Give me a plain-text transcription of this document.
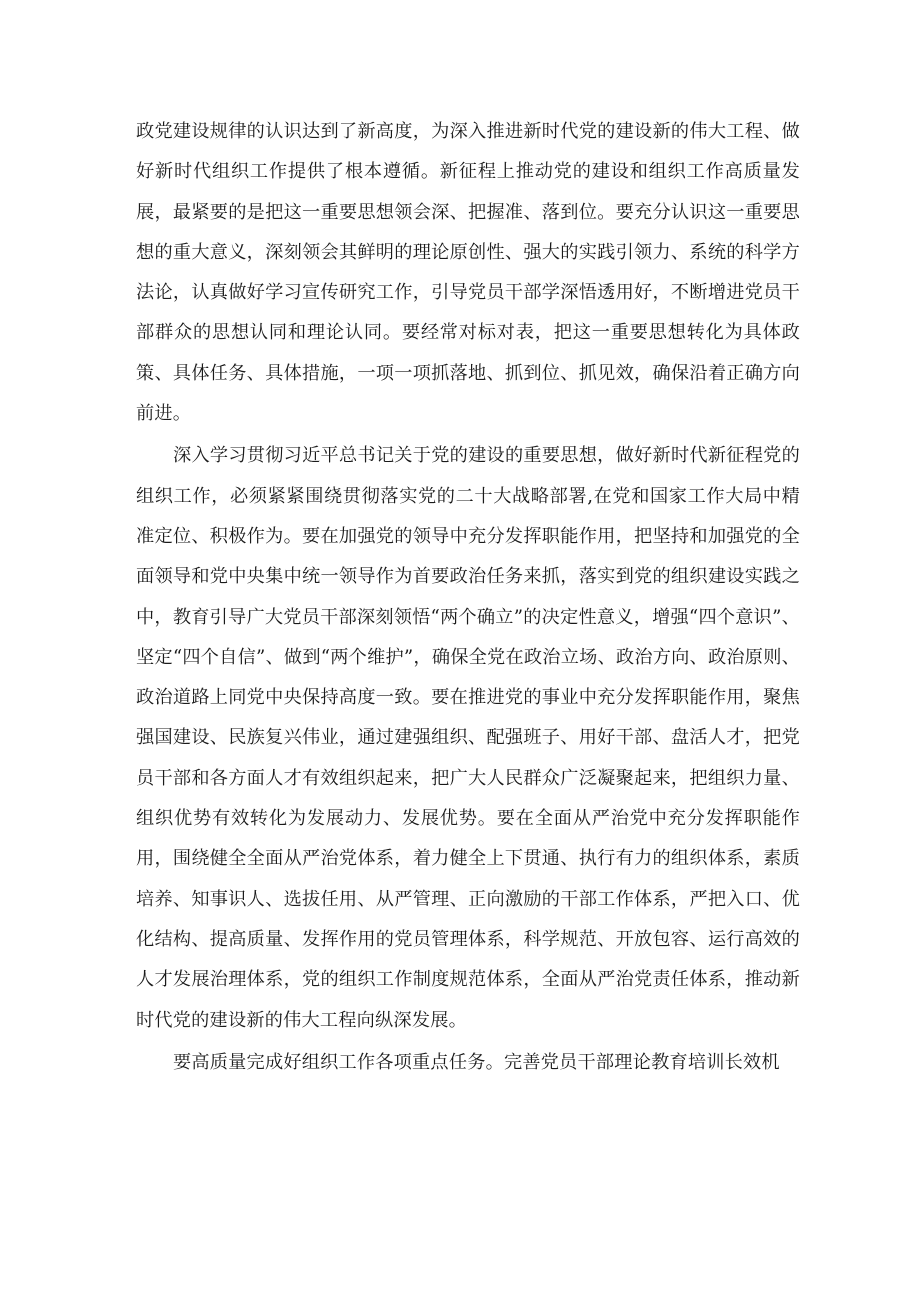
政党建设规律的认识达到了新高度，为深入推进新时代党的建设新的伟大工程、做好新时代组织工作提供了根本遵循。新征程上推动党的建设和组织工作高质量发展，最紧要的是把这一重要思想领会深、把握准、落到位。要充分认识这一重要思想的重大意义，深刻领会其鲜明的理论原创性、强大的实践引领力、系统的科学方法论，认真做好学习宣传研究工作，引导党员干部学深悟透用好，不断增进党员干部群众的思想认同和理论认同。要经常对标对表，把这一重要思想转化为具体政策、具体任务、具体措施，一项一项抓落地、抓到位、抓见效，确保沿着正确方向前进。

深入学习贯彻习近平总书记关于党的建设的重要思想，做好新时代新征程党的组织工作，必须紧紧围绕贯彻落实党的二十大战略部署,在党和国家工作大局中精准定位、积极作为。要在加强党的领导中充分发挥职能作用，把坚持和加强党的全面领导和党中央集中统一领导作为首要政治任务来抓，落实到党的组织建设实践之中，教育引导广大党员干部深刻领悟“两个确立”的决定性意义，增强“四个意识”、坚定“四个自信”、做到“两个维护”，确保全党在政治立场、政治方向、政治原则、政治道路上同党中央保持高度一致。要在推进党的事业中充分发挥职能作用，聚焦强国建设、民族复兴伟业，通过建强组织、配强班子、用好干部、盘活人才，把党员干部和各方面人才有效组织起来，把广大人民群众广泛凝聚起来，把组织力量、组织优势有效转化为发展动力、发展优势。要在全面从严治党中充分发挥职能作用，围绕健全全面从严治党体系，着力健全上下贯通、执行有力的组织体系，素质培养、知事识人、选拔任用、从严管理、正向激励的干部工作体系，严把入口、优化结构、提高质量、发挥作用的党员管理体系，科学规范、开放包容、运行高效的人才发展治理体系，党的组织工作制度规范体系，全面从严治党责任体系，推动新时代党的建设新的伟大工程向纵深发展。

要高质量完成好组织工作各项重点任务。完善党员干部理论教育培训长效机
